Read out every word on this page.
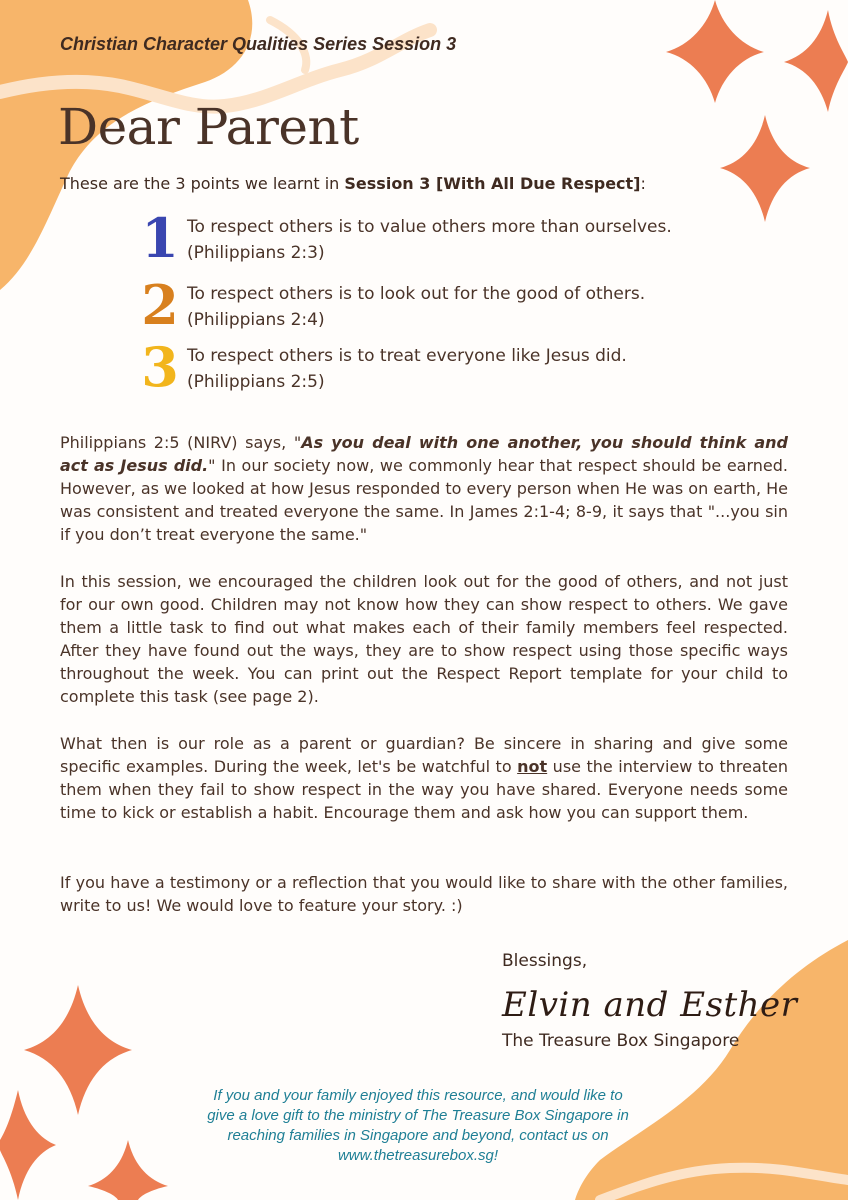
Christian Character Qualities Series Session 3
Dear Parent
These are the 3 points we learnt in Session 3 [With All Due Respect]:
1 To respect others is to value others more than ourselves.
(Philippians 2:3)
2 To respect others is to look out for the good of others.
(Philippians 2:4)
3 To respect others is to treat everyone like Jesus did.
(Philippians 2:5)

Philippians 2:5 (NIRV) says, "As you deal with one another, you should think and act as Jesus did." In our society now, we commonly hear that respect should be earned. However, as we looked at how Jesus responded to every person when He was on earth, He was consistent and treated everyone the same. In James 2:1-4; 8-9, it says that "...you sin if you don’t treat everyone the same."

In this session, we encouraged the children look out for the good of others, and not just for our own good. Children may not know how they can show respect to others. We gave them a little task to find out what makes each of their family members feel respected. After they have found out the ways, they are to show respect using those specific ways throughout the week. You can print out the Respect Report template for your child to complete this task (see page 2).

What then is our role as a parent or guardian? Be sincere in sharing and give some specific examples. During the week, let's be watchful to not use the interview to threaten them when they fail to show respect in the way you have shared. Everyone needs some time to kick or establish a habit. Encourage them and ask how you can support them.

If you have a testimony or a reflection that you would like to share with the other families, write to us! We would love to feature your story. :)

Blessings,
Elvin and Esther
The Treasure Box Singapore
If you and your family enjoyed this resource, and would like to
give a love gift to the ministry of The Treasure Box Singapore in
reaching families in Singapore and beyond, contact us on
www.thetreasurebox.sg!
